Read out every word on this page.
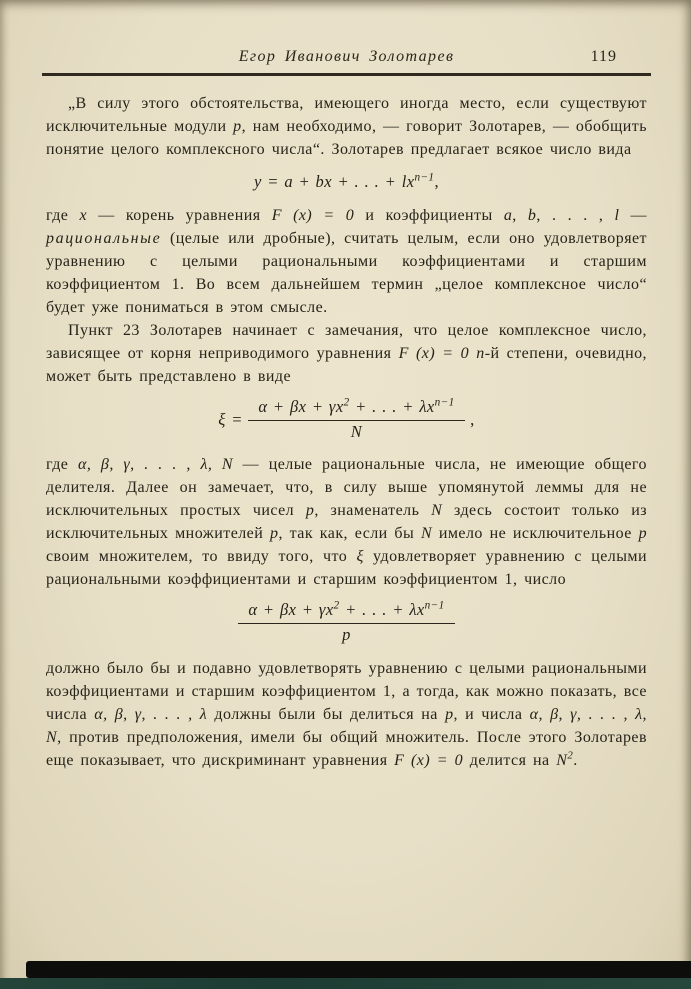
Егор Иванович Золотарев	119

„В силу этого обстоятельства, имеющего иногда место, если существуют исключительные модули p, нам необходимо, — говорит Золотарев, — обобщить понятие целого комплексного числа“. Золотарев предлагает всякое число вида

y = a + bx + . . . + $lx^{n-1}$,

где x — корень уравнения F (x) = 0 и коэффициенты a, b, . . . , l — рациональные (целые или дробные), считать целым, если оно удовлетворяет уравнению с целыми рациональными коэффициентами и старшим коэффициентом 1. Во всем дальнейшем термин „целое комплексное число“ будет уже пониматься в этом смысле.

Пункт 23 Золотарев начинает с замечания, что целое комплексное число, зависящее от корня неприводимого уравнения F (x) = 0 n-й степени, очевидно, может быть представлено в виде

$\xi = \frac{\alpha + \beta x + \gamma x^2 + . . . + \lambda x^{n-1}}{N}$ ,

где α, β, γ, . . . , λ, N — целые рациональные числа, не имеющие общего делителя. Далее он замечает, что, в силу выше упомянутой леммы для не исключительных простых чисел p, знаменатель N здесь состоит только из исключительных множителей p, так как, если бы N имело не исключительное p своим множителем, то ввиду того, что ξ удовлетворяет уравнению с целыми рациональными коэффициентами и старшим коэффициентом 1, число

$\frac{\alpha + \beta x + \gamma x^2 + . . . + \lambda x^{n-1}}{p}$

должно было бы и подавно удовлетворять уравнению с целыми рациональными коэффициентами и старшим коэффициентом 1, а тогда, как можно показать, все числа α, β, γ, . . . , λ должны были бы делиться на p, и числа α, β, γ, . . . , λ, N, против предположения, имели бы общий множитель. После этого Золотарев еще показывает, что дискриминант уравнения F (x) = 0 делится на $N^2$.
